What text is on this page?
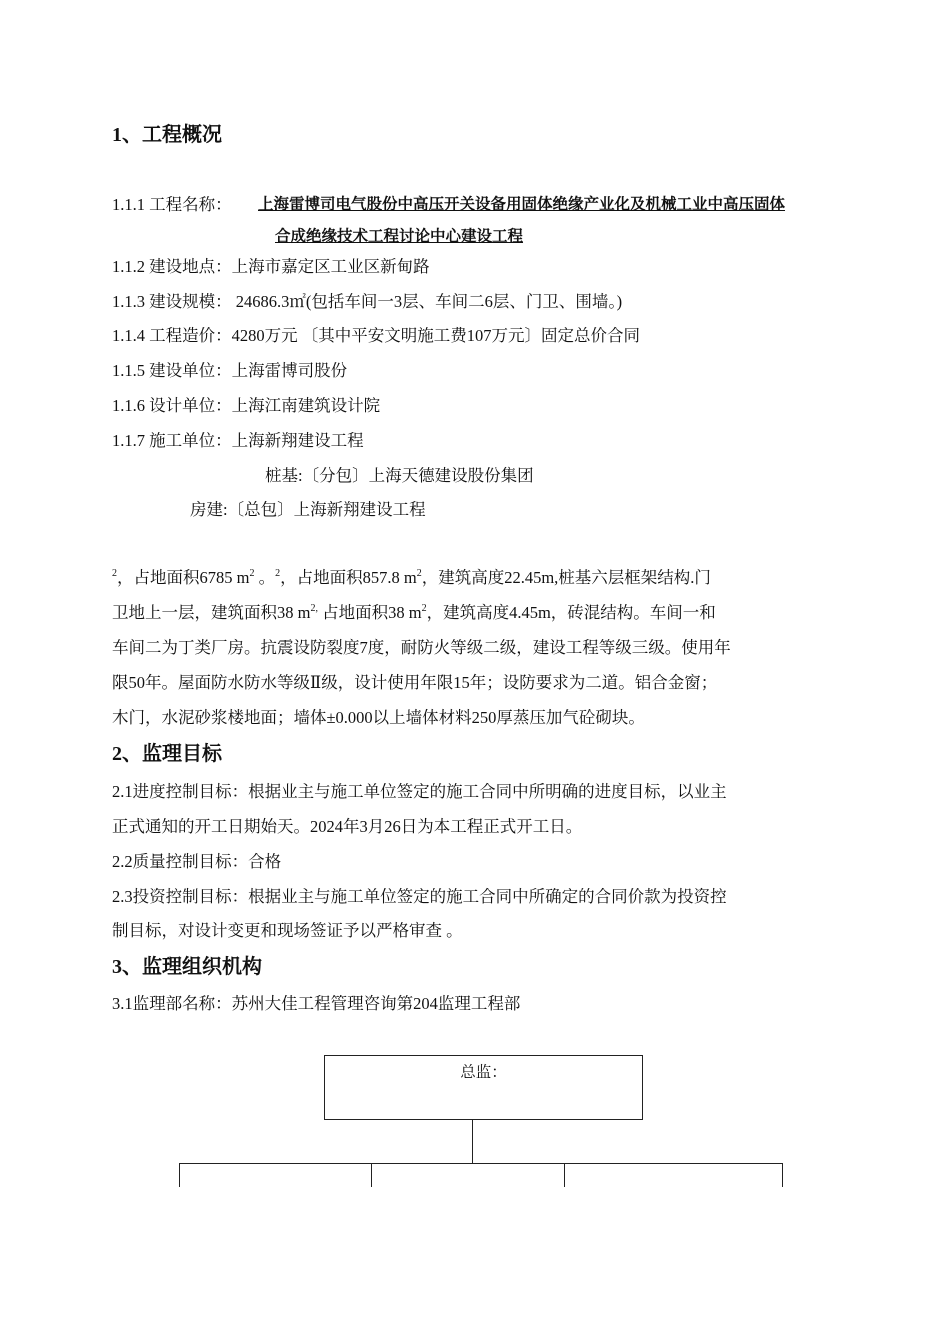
1、工程概况
1.1.1 工程名称： 上海雷博司电气股份中高压开关设备用固体绝缘产业化及机械工业中高压固体
合成绝缘技术工程讨论中心建设工程
1.1.2 建设地点：上海市嘉定区工业区新甸路
1.1.3 建设规模： 24686.3㎡(包括车间一3层、车间二6层、门卫、围墙。)
1.1.4 工程造价：4280万元 〔其中平安文明施工费107万元〕固定总价合同
1.1.5 建设单位：上海雷博司股份
1.1.6 设计单位：上海江南建筑设计院
1.1.7 施工单位：上海新翔建设工程
桩基:〔分包〕上海天德建设股份集团
房建:〔总包〕上海新翔建设工程
$^2$，占地面积6785 $m^2$ 。$^2$，占地面积857.8 $m^2$，建筑高度22.45m,桩基六层框架结构.门
卫地上一层，建筑面积38 $m^{2,}$ 占地面积38 $m^2$，建筑高度4.45m，砖混结构。车间一和
车间二为丁类厂房。抗震设防裂度7度，耐防火等级二级，建设工程等级三级。使用年
限50年。屋面防水防水等级Ⅱ级，设计使用年限15年；设防要求为二道。铝合金窗；
木门，水泥砂浆楼地面；墙体±0.000以上墙体材料250厚蒸压加气砼砌块。
2、监理目标
2.1进度控制目标：根据业主与施工单位签定的施工合同中所明确的进度目标，以业主
正式通知的开工日期始天。2024年3月26日为本工程正式开工日。
2.2质量控制目标：合格
2.3投资控制目标：根据业主与施工单位签定的施工合同中所确定的合同价款为投资控
制目标，对设计变更和现场签证予以严格审查 。
3、监理组织机构
3.1监理部名称：苏州大佳工程管理咨询第204监理工程部
总监：
